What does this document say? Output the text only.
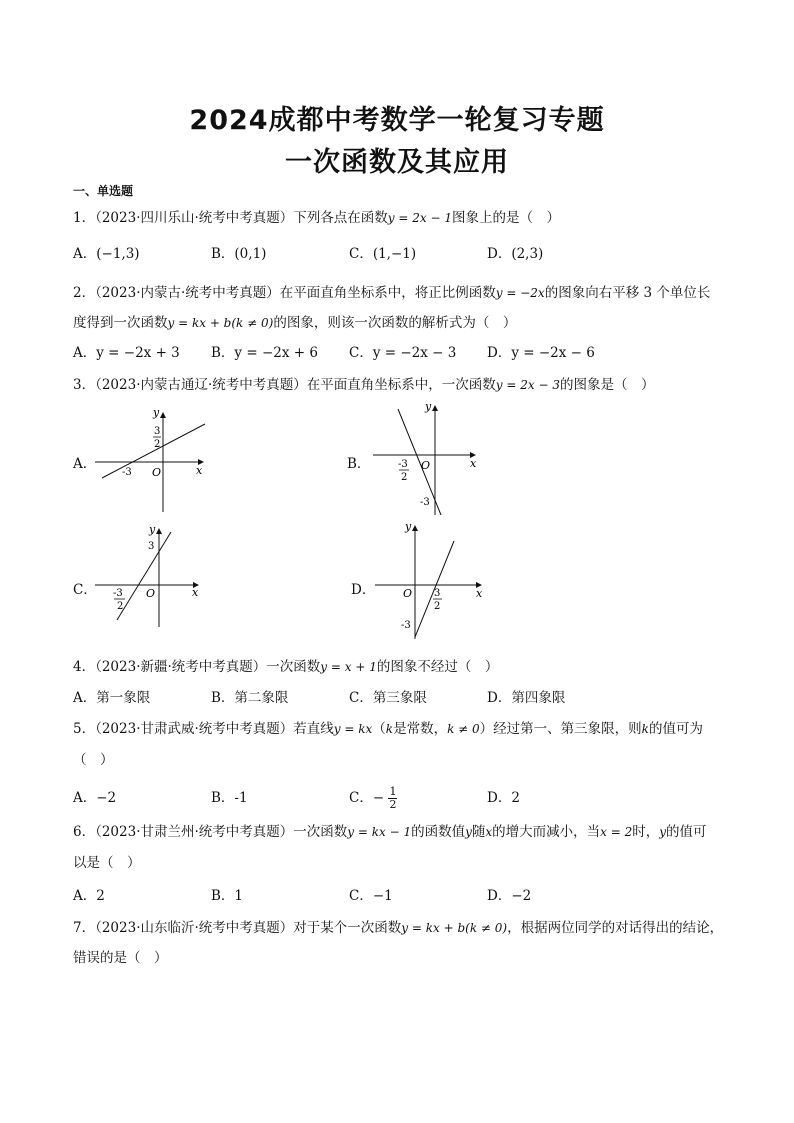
2024成都中考数学一轮复习专题
一次函数及其应用
一、单选题
1．（2023·四川乐山·统考中考真题）下列各点在函数y = 2x − 1图象上的是（　）
A．(−1,3)	B．(0,1)	C．(1,−1)	D．(2,3)
2．（2023·内蒙古·统考中考真题）在平面直角坐标系中，将正比例函数y = −2x的图象向右平移 3 个单位长
度得到一次函数y = kx + b(k ≠ 0)的图象，则该一次函数的解析式为（　）
A．y = −2x + 3 B．y = −2x + 6 C．y = −2x − 3 D．y = −2x − 6
3．（2023·内蒙古通辽·统考中考真题）在平面直角坐标系中，一次函数y = 2x − 3的图象是（　）
A．	B．
C．	D．
y
x
O
3
2
-3
y
x
O
-3
2
-3
y
x
O
3
-3
2
y
x
O 3
2
-3
4．（2023·新疆·统考中考真题）一次函数y = x + 1的图象不经过（　）
A．第一象限	B．第二象限	C．第三象限	D．第四象限
5．（2023·甘肃武威·统考中考真题）若直线y = kx（k是常数，k ≠ 0）经过第一、第三象限，则k的值可为
（　）
A．−2	B．-1	C．− $\frac{1}{2}$	D．2
6．（2023·甘肃兰州·统考中考真题）一次函数y = kx − 1的函数值y随x的增大而减小，当x = 2时，y的值可
以是（　）
A．2	B．1	C．−1	D．−2
7．（2023·山东临沂·统考中考真题）对于某个一次函数y = kx + b(k ≠ 0)，根据两位同学的对话得出的结论，
错误的是（　）
